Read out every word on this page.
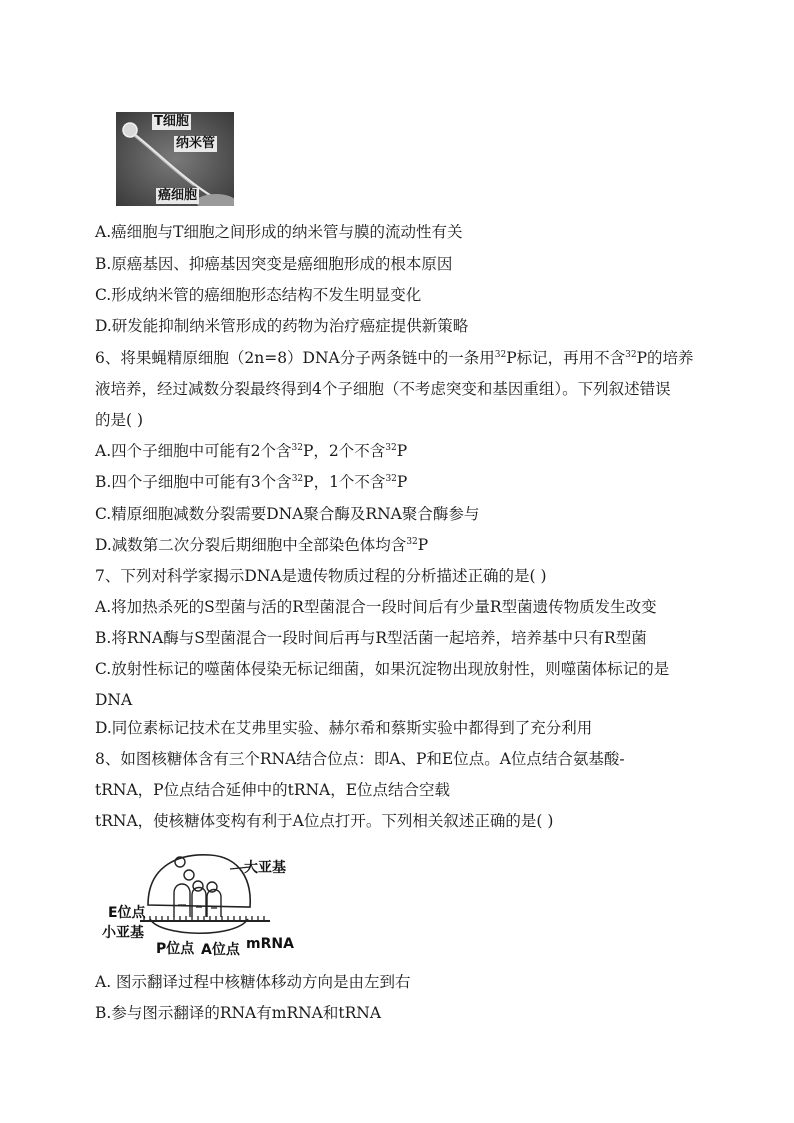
T细胞
纳米管
癌细胞
A.癌细胞与T细胞之间形成的纳米管与膜的流动性有关
B.原癌基因、抑癌基因突变是癌细胞形成的根本原因
C.形成纳米管的癌细胞形态结构不发生明显变化
D.研发能抑制纳米管形成的药物为治疗癌症提供新策略
6、将果蝇精原细胞（2n=8）DNA分子两条链中的一条用$^{32}$P标记，再用不含$^{32}$P的培养
液培养，经过减数分裂最终得到4个子细胞（不考虑突变和基因重组）。下列叙述错误
的是( )
A.四个子细胞中可能有2个含$^{32}$P，2个不含$^{32}$P
B.四个子细胞中可能有3个含$^{32}$P，1个不含$^{32}$P
C.精原细胞减数分裂需要DNA聚合酶及RNA聚合酶参与
D.减数第二次分裂后期细胞中全部染色体均含$^{32}$P
7、下列对科学家揭示DNA是遗传物质过程的分析描述正确的是( )
A.将加热杀死的S型菌与活的R型菌混合一段时间后有少量R型菌遗传物质发生改变
B.将RNA酶与S型菌混合一段时间后再与R型活菌一起培养，培养基中只有R型菌
C.放射性标记的噬菌体侵染无标记细菌，如果沉淀物出现放射性，则噬菌体标记的是
DNA
D.同位素标记技术在艾弗里实验、赫尔希和蔡斯实验中都得到了充分利用
8、如图核糖体含有三个RNA结合位点：即A、P和E位点。A位点结合氨基酸-
tRNA，P位点结合延伸中的tRNA，E位点结合空载
tRNA，使核糖体变构有利于A位点打开。下列相关叙述正确的是( )
大亚基
E位点
小亚基
P位点 A位点 mRNA
A. 图示翻译过程中核糖体移动方向是由左到右
B.参与图示翻译的RNA有mRNA和tRNA
